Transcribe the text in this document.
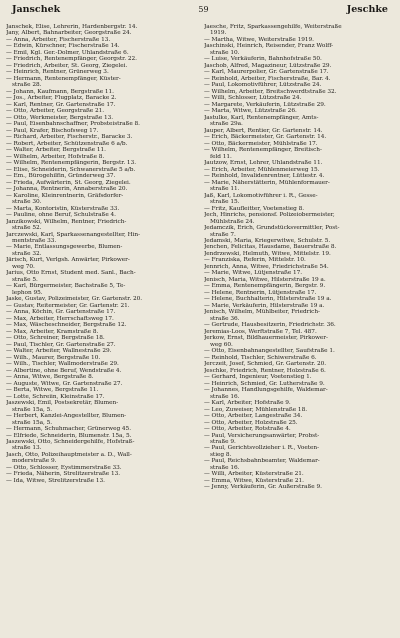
Janschek	59	Jeschke
Janschek, Elise, Lehrerin, Hardenbergstr. 14.
Jany, Albert, Bahnarbeiter, Georgstraße 24.
— Anna, Arbeiter, Fischerstraße 13.
— Edwin, Kürschner, Fischerstraße 14.
— Emil, Kgl. Ger.-Dolmer, Uhlandstraße 6.
— Friedrich, Rentenempfänger, Georgstr. 22.
— Friedrich, Arbeiter, St. Georg, Ziegelei.
— Heinrich, Rentner, Grünerweg 3.
— Hermann, Rentenempfänger, Küster-
straße 28.
— Johann, Kaufmann, Bergstraße 11.
— Jos., Arbeiter, Flugplatz, Baracke 2.
— Karl, Rentner, Gr. Gartenstraße 17.
— Otto, Arbeiter, Georgstraße 21.
— Otto, Werkmeister, Bergstraße 13.
— Paul, Eisenbahnschaffner, Probsteistraße 8.
— Paul, Krafer, Bischofsweg 17.
— Richard, Arbeiter, Fischerstr., Baracke 3.
— Robert, Arbeiter, Schützenstraße 6 a/b.
— Walter, Arbeiter, Bergstraße 11.
— Wilhelm, Arbeiter, Hofstraße 8.
— Wilhelm, Rentenempfängerin, Bergstr. 13.
— Elise, Schneiderin, Schwanerstraße 5 a/b.
— Em., Bürogehilfin, Gründerweg 37.
— Frieda, Aufwärterin, St. Georg, Ziegelei.
— Johanna, Rentnerin, Annaberstraße 20.
— Karoline, Kleinrentnerin, Gräfsdorfer-
straße 30.
— Marta, Kontoristin, Küsterstraße 33.
— Pauline, ohne Beruf, Schulstraße 4.
Janzikowski, Wilhelm, Rentner, Friedrich-
straße 52.
Jarczewski, Karl, Sparkassenangestellter, Hin-
mentstraße 33.
— Marie, Entlassungsgewerbe, Blumen-
straße 32.
Järisch, Kurt, Verlgsh. Anwärter, Pirkower-
weg 70.
Jarius, Otto Ernst, Student med. Sanl., Bach-
straße 5.
— Karl, Bürgermeister, Bachstraße 5, Te-
lephon 95.
Jaske, Gustav, Polizeimeister, Gr. Gartenstr. 20.
— Gustav, Reitermeister, Gr. Gartenstr. 21.
— Anna, Köchin, Gr. Gartenstraße 17.
— Max, Arbeiter, Herrschaftsweg 17.
— Max, Wäscheschneider, Bergstraße 12.
— Max, Arbeiter, Kramstraße 8.
— Otto, Schreiner, Bergstraße 18.
— Paul, Tischler, Gr. Gartenstraße 27.
— Walter, Arbeiter, Wallnestraße 29.
— Wilh., Maurer, Bergstraße 10.
— Wilh., Tischler, Wallmoderstraße 29.
— Albertine, ohne Beruf, Wendstraße 4.
— Anna, Witwe, Bergstraße 8.
— Auguste, Witwe, Gr. Gartenstraße 27.
— Berta, Witwe, Bergstraße 11.
— Lotte, Schreiin, Kleinstraße 17.
Jaszewski, Emil, Postsekretär, Blumen-
straße 15a, 5.
— Herbert, Kanzlei-Angestellter, Blumen-
straße 15a, 5.
— Hermann, Schuhmacher, Grünerweg 45.
— Elfriede, Schneiderin, Blumenstr. 15a, 5.
Jaszewski, Otto, Schneidergehilfe, Hofstraß-
straße 13.
Jasch, Otto, Polizeihauptmeister a. D., Wall-
moderstraße 9.
— Otto, Schlosser, Eystimmerstraße 33.
— Frieda, Näherin, Strelitzerstraße 13.
— Ida, Witwe, Strelitzerstraße 13.
Jaesche, Fritz, Sparkassengehilfe, Weiterstraße
1919.
— Martha, Witwe, Weiterstraße 1919.
Jaschinski, Heinrich, Reisender, Franz Wolff-
straße 10.
— Luise, Verkäuferin, Bahnhofstraße 50.
Jaschob, Alfred, Magazineur, Lützstraße 29.
— Karl, Maurerpolier, Gr. Gartenstraße 17.
— Reinhold, Arbeiter, Fischerstraße, Bar. 4.
— Paul, Lokomotivführer, Lützstraße 24.
— Wilhelm, Arbeiter, Breitschwerdtstraße 32.
— Willi, Schlosser, Lützstraße 24.
— Margarete, Verkäuferin, Lützstraße 29.
— Marta, Witwe, Lützstraße 26.
Jastulke, Karl, Rentenempfänger, Amts-
straße 29a.
Jauper, Albert, Rentier, Gr. Gartenstr. 14.
— Erich, Bäckermeister, Gr. Gartenstr. 14.
— Otto, Bäckermeister, Mühlstraße 17.
— Wilhelm, Rentenempfänger, Breitisch-
feld 11.
Jautzow, Ernst, Lehrer, Uhlandstraße 11.
— Erich, Arbeiter, Mühlenmeierweg 15.
— Reinhold, Invalidenrentner, Lüttestr. 4.
— Marie, Näherstätterin, Mühlenformauer-
straße 11.
Jaß, Karl, Lokomotivführer i. R., Gesse-
straße 15.
— Fritz, Kaufleitter, Voetenstieg 8.
Jech, Hinrichs, pensionsf. Polizeiobermeister,
Mühlstraße 24.
Jedamczik, Erich, Grundstücksvermittler, Post-
straße 7.
Jedamski, Maria, Kriegerwitwe, Schulstr. 5.
Jenchen, Felicitas, Hausdame, Bauerstraße 8.
Jendrzewski, Helmuth, Witwe, Mittelstr. 19.
— Franziska, Referin, Mittelstr. 10.
Jennrich, Anna, Witwe, Friedrichstraße 54.
— Marie, Witwe, Lütjenstraße 17.
Jenisch, Maria, Witwe, Hilsterstraße 19 a.
— Emma, Rentenempfängerin, Bergstr. 9.
— Helene, Rentnerin, Lütjenstraße 17.
— Helene, Buchhalterin, Hilsterstraße 19 a.
— Marie, Verkäuferin, Hilsterstraße 19 a.
Jenisch, Wilhelm, Mühlbeiter, Friedrich-
straße 36.
— Gertrude, Hausbesitzerin, Friedrichstr. 36.
Jeremias-Loos, Werftstraße 7, Tel. 487.
Jerkow, Ernst, Bildhauermeister, Pirkower-
weg 60.
— Otto, Eisenbahnangestellter, Saufstraße 1.
— Reinhold, Tischler, Schiwerstraße 6.
Jerczeit, Josef, Schmied, Gr. Gartenstr. 20.
Jeschke, Friedrich, Rentner, Holzstraße 6.
— Gerhard, Ingenieur, Voetenstieg 1.
— Heinrich, Schmied, Gr. Lutherstraße 9.
— Johannes, Handlungsgehilfe, Waldemar-
straße 16.
— Karl, Arbeiter, Hofstraße 9.
— Leo, Zuweiser, Mühlenstraße 18.
— Otto, Arbeiter, Langestraße 34.
— Otto, Arbeiter, Holzstraße 25.
— Otto, Arbeiter, Rotstraße 4.
— Paul, Versicherungsanwärter, Probst-
straße 9.
— Paul, Gerichtsvollzieher i. R., Voeten-
stieg 8.
— Paul, Reichsbahnbeamter, Waldemar-
straße 16.
— Willi, Arbeiter, Küsterstraße 21.
— Emma, Witwe, Küsterstraße 21.
— Jenny, Verkäuferin, Gr. Außerstraße 9.
